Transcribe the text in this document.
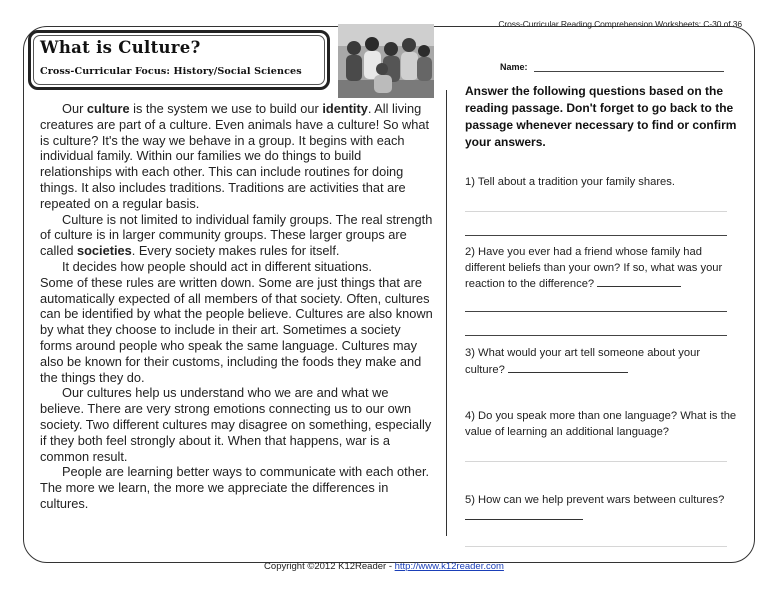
Cross-Curricular Reading Comprehension Worksheets: C-30 of 36
What is Culture?
Cross-Curricular Focus: History/Social Sciences

Our culture is the system we use to build our identity. All living creatures are part of a culture. Even animals have a culture! So what is culture? It's the way we behave in a group. It begins with each individual family. Within our families we do things to build relationships with each other. This can include routines for doing things. It also includes traditions. Traditions are activities that are repeated on a regular basis.

Culture is not limited to individual family groups. The real strength of culture is in larger community groups. These larger groups are called societies. Every society makes rules for itself.

It decides how people should act in different situations.

Some of these rules are written down. Some are just things that are automatically expected of all members of that society. Often, cultures can be identified by what the people believe. Cultures are also known by what they choose to include in their art. Sometimes a society forms around people who speak the same language. Cultures may also be known for their customs, including the foods they make and the things they do.

Our cultures help us understand who we are and what we believe. There are very strong emotions connecting us to our own society. Two different cultures may disagree on something, especially if they both feel strongly about it. When that happens, war is a common result.

People are learning better ways to communicate with each other. The more we learn, the more we appreciate the differences in cultures.

Name:
Answer the following questions based on the reading passage. Don't forget to go back to the passage whenever necessary to find or confirm your answers.
1) Tell about a tradition your family shares.
2) Have you ever had a friend whose family had different beliefs than your own? If so, what was your reaction to the difference?
3) What would your art tell someone about your culture?
4) Do you speak more than one language? What is the value of learning an additional language?
5) How can we help prevent wars between cultures?
Copyright ©2012 K12Reader - http://www.k12reader.com
